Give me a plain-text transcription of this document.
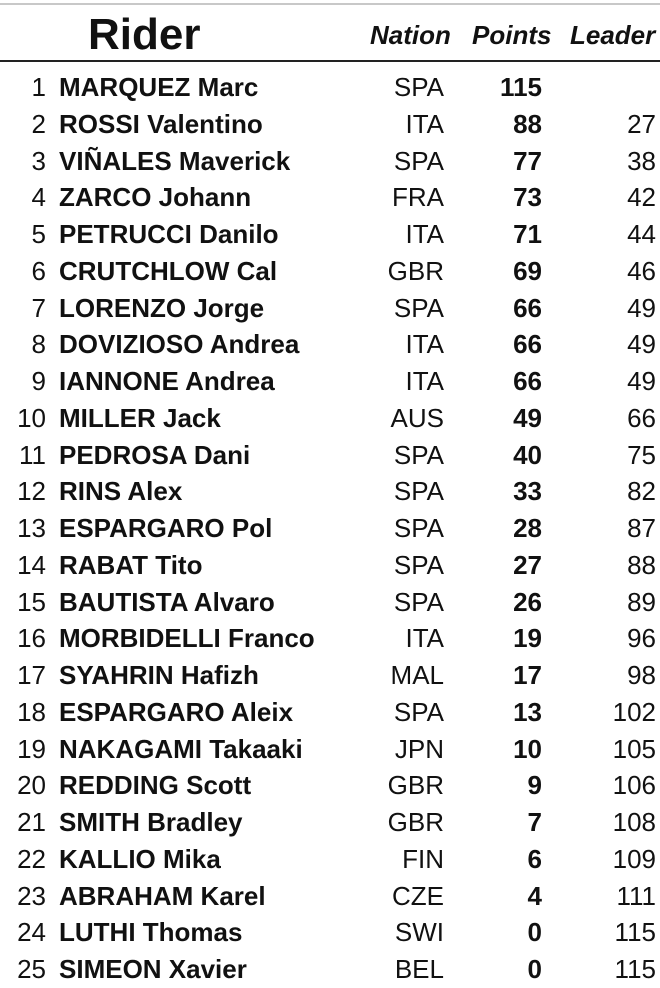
Rider	Nation Points Leader
1 MARQUEZ Marc	SPA	115
2 ROSSI Valentino	ITA	88	27
3 VIÑALES Maverick	SPA	77	38
4 ZARCO Johann	FRA	73	42
5 PETRUCCI Danilo	ITA	71	44
6 CRUTCHLOW Cal	GBR	69	46
7 LORENZO Jorge	SPA	66	49
8 DOVIZIOSO Andrea	ITA	66	49
9 IANNONE Andrea	ITA	66	49
10 MILLER Jack	AUS	49	66
11 PEDROSA Dani	SPA	40	75
12 RINS Alex	SPA	33	82
13 ESPARGARO Pol	SPA	28	87
14 RABAT Tito	SPA	27	88
15 BAUTISTA Alvaro	SPA	26	89
16 MORBIDELLI Franco	ITA	19	96
17 SYAHRIN Hafizh	MAL	17	98
18 ESPARGARO Aleix	SPA	13	102
19 NAKAGAMI Takaaki	JPN	10	105
20 REDDING Scott	GBR	9	106
21 SMITH Bradley	GBR	7	108
22 KALLIO Mika	FIN	6	109
23 ABRAHAM Karel	CZE	4	111
24 LUTHI Thomas	SWI	0	115
25 SIMEON Xavier	BEL	0	115
